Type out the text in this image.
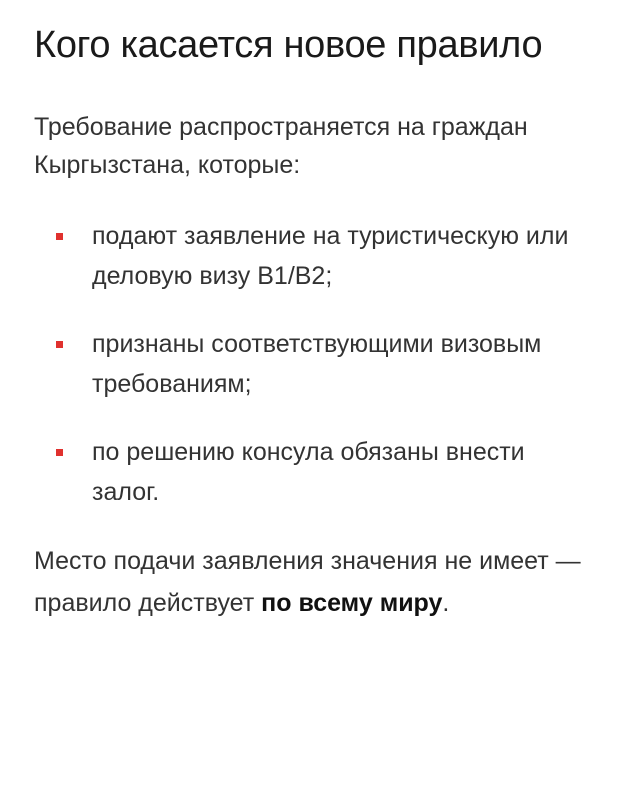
Кого касается новое правило

Требование распространяется на граждан Кыргызстана, которые:

подают заявление на туристическую или деловую визу B1/B2;
признаны соответствующими визовым требованиям;
по решению консула обязаны внести залог.

Место подачи заявления значения не имеет — правило действует по всему миру.
